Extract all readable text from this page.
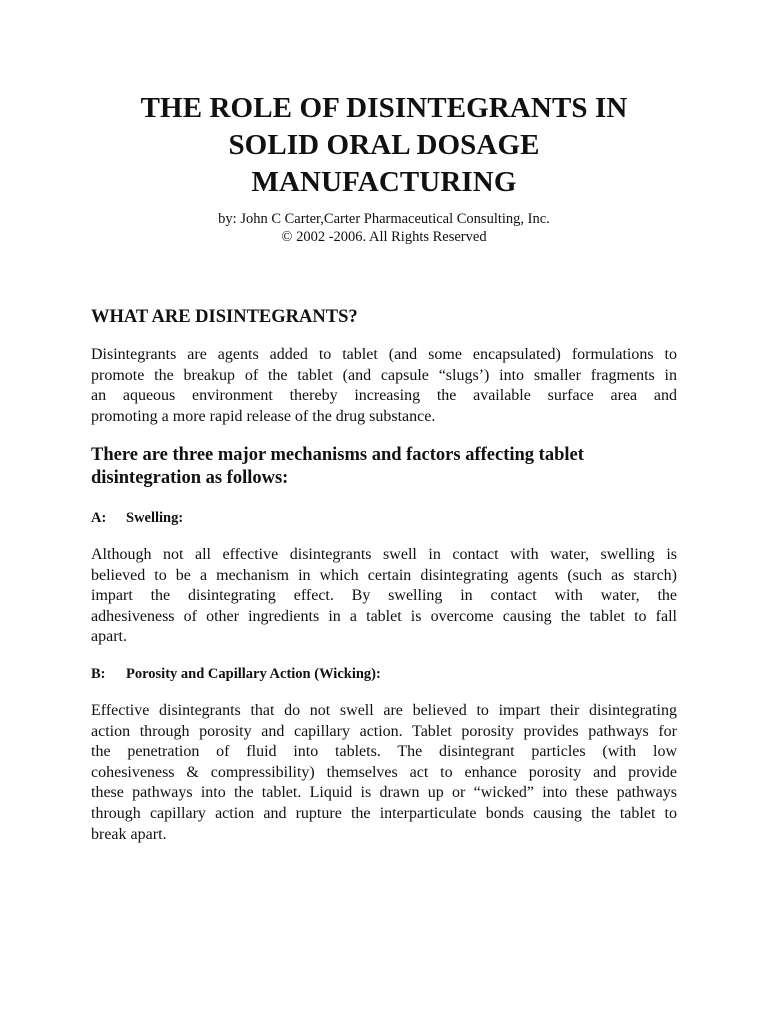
THE ROLE OF DISINTEGRANTS IN
SOLID ORAL DOSAGE
MANUFACTURING
by: John C Carter,Carter Pharmaceutical Consulting, Inc.
© 2002 -2006. All Rights Reserved
WHAT ARE DISINTEGRANTS?

Disintegrants are agents added to tablet (and some encapsulated) formulations to
promote the breakup of the tablet (and capsule “slugs’) into smaller fragments in
an aqueous environment thereby increasing the available surface area and
promoting a more rapid release of the drug substance.

There are three major mechanisms and factors affecting tablet
disintegration as follows:
A: Swelling:

Although not all effective disintegrants swell in contact with water, swelling is
believed to be a mechanism in which certain disintegrating agents (such as starch)
impart the disintegrating effect. By swelling in contact with water, the
adhesiveness of other ingredients in a tablet is overcome causing the tablet to fall
apart.

B: Porosity and Capillary Action (Wicking):

Effective disintegrants that do not swell are believed to impart their disintegrating
action through porosity and capillary action. Tablet porosity provides pathways for
the penetration of fluid into tablets. The disintegrant particles (with low
cohesiveness & compressibility) themselves act to enhance porosity and provide
these pathways into the tablet. Liquid is drawn up or “wicked” into these pathways
through capillary action and rupture the interparticulate bonds causing the tablet to
break apart.
